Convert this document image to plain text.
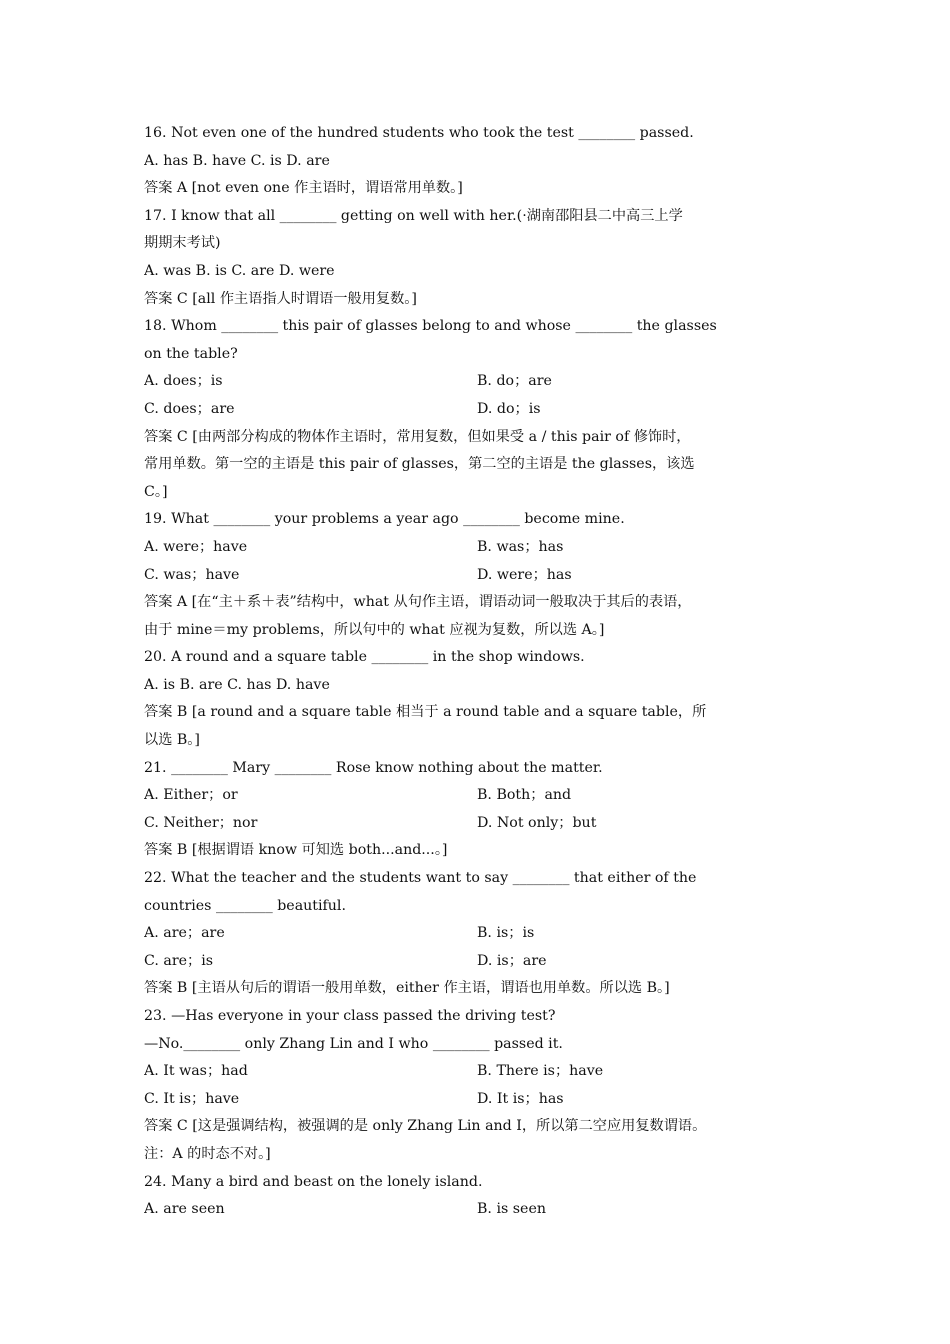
16. Not even one of the hundred students who took the test ________ passed.
A. has B. have C. is D. are
答案 A [not even one 作主语时，谓语常用单数。]
17. I know that all ________ getting on well with her.(·湖南邵阳县二中高三上学
期期末考试)
A. was B. is C. are D. were
答案 C [all 作主语指人时谓语一般用复数。]
18. Whom ________ this pair of glasses belong to and whose ________ the glasses
on the table?
A. does；is	B. do；are
C. does；are	D. do；is
答案 C [由两部分构成的物体作主语时，常用复数，但如果受 a / this pair of 修饰时，
常用单数。第一空的主语是 this pair of glasses，第二空的主语是 the glasses，该选
C。]
19. What ________ your problems a year ago ________ become mine.
A. were；have	B. was；has
C. was；have	D. were；has
答案 A [在“主＋系＋表”结构中，what 从句作主语，谓语动词一般取决于其后的表语，
由于 mine＝my problems，所以句中的 what 应视为复数，所以选 A。]
20. A round and a square table ________ in the shop windows.
A. is B. are C. has D. have
答案 B [a round and a square table 相当于 a round table and a square table，所
以选 B。]
21. ________ Mary ________ Rose know nothing about the matter.
A. Either；or	B. Both；and
C. Neither；nor	D. Not only；but
答案 B [根据谓语 know 可知选 both...and...。]
22. What the teacher and the students want to say ________ that either of the
countries ________ beautiful.
A. are；are	B. is；is
C. are；is	D. is；are
答案 B [主语从句后的谓语一般用单数，either 作主语，谓语也用单数。所以选 B。]
23. —Has everyone in your class passed the driving test?
—No.________ only Zhang Lin and I who ________ passed it.
A. It was；had	B. There is；have
C. It is；have	D. It is；has
答案 C [这是强调结构，被强调的是 only Zhang Lin and I，所以第二空应用复数谓语。
注：A 的时态不对。]
24. Many a bird and beast on the lonely island.
A. are seen	B. is seen
